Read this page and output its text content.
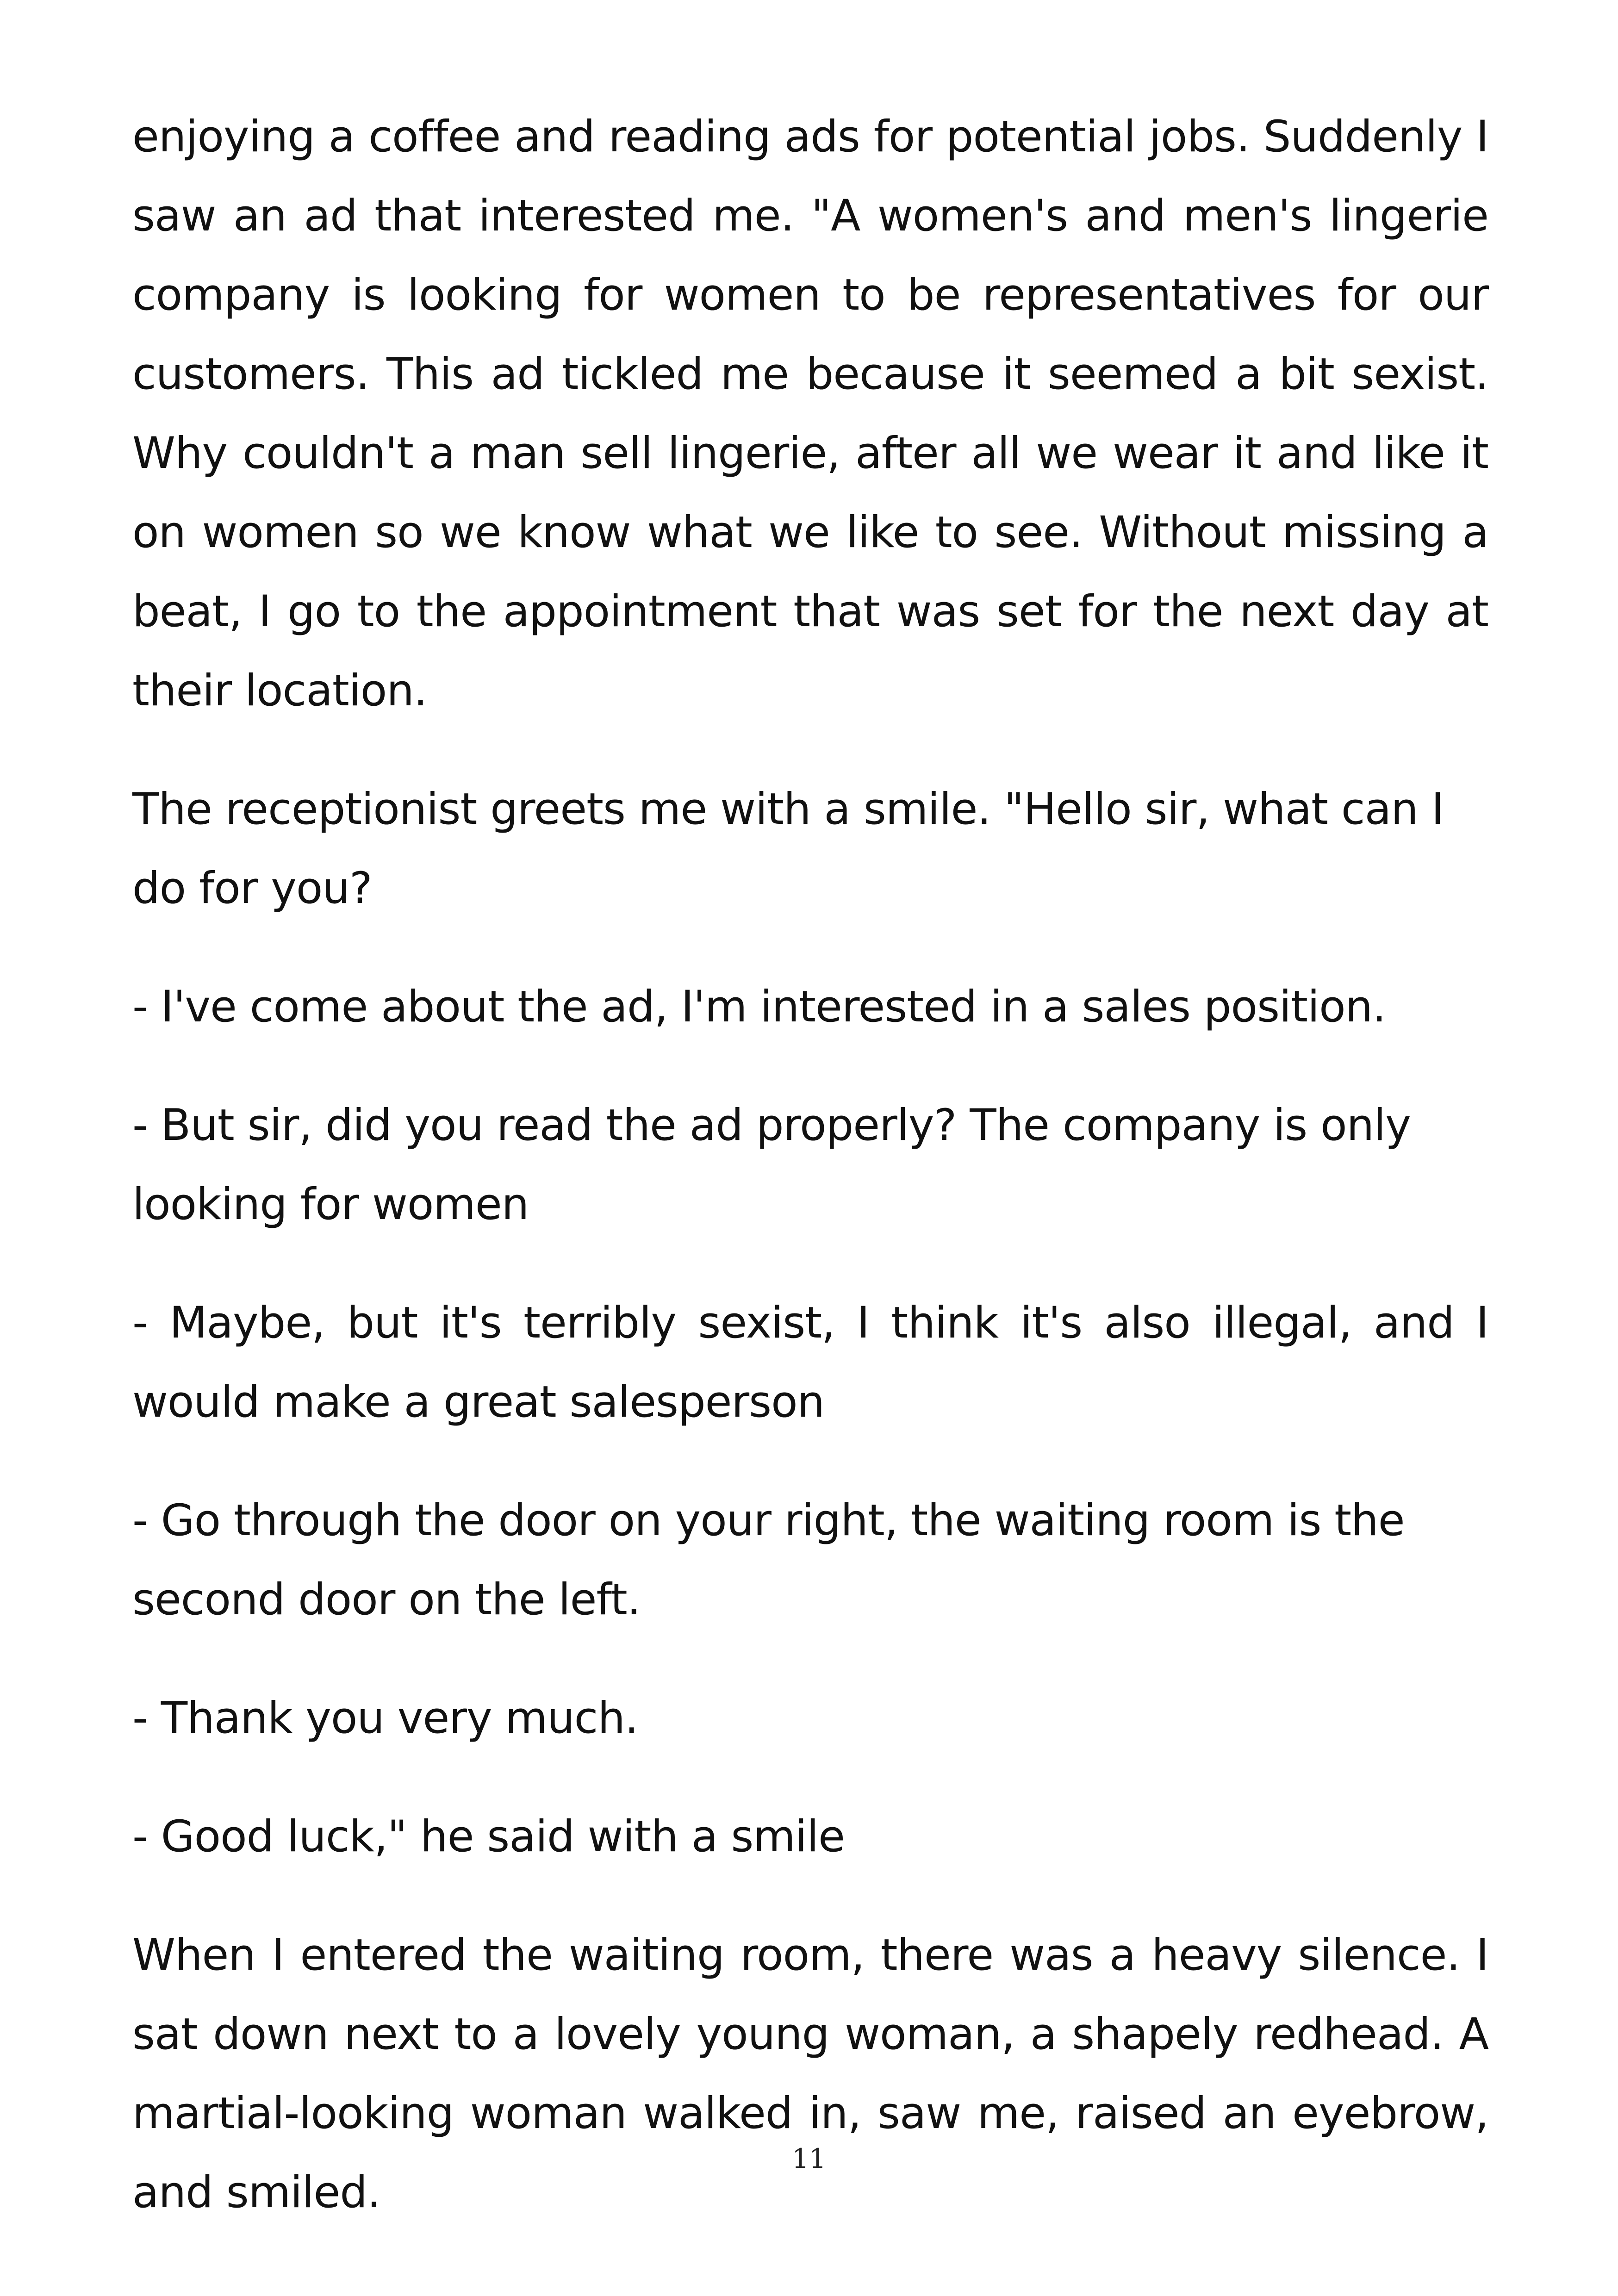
enjoying a coffee and reading ads for potential jobs. Suddenly I saw an ad that interested me. "A women's and men's lingerie company is looking for women to be representatives for our customers. This ad tickled me because it seemed a bit sexist. Why couldn't a man sell lingerie, after all we wear it and like it on women so we know what we like to see. Without missing a beat, I go to the appointment that was set for the next day at their location.

The receptionist greets me with a smile. "Hello sir, what can I do for you?

- I've come about the ad, I'm interested in a sales position.

- But sir, did you read the ad properly? The company is only looking for women

- Maybe, but it's terribly sexist, I think it's also illegal, and I would make a great salesperson

- Go through the door on your right, the waiting room is the second door on the left.

- Thank you very much.

- Good luck," he said with a smile

When I entered the waiting room, there was a heavy silence. I sat down next to a lovely young woman, a shapely redhead. A martial-looking woman walked in, saw me, raised an eyebrow, and smiled.

11
